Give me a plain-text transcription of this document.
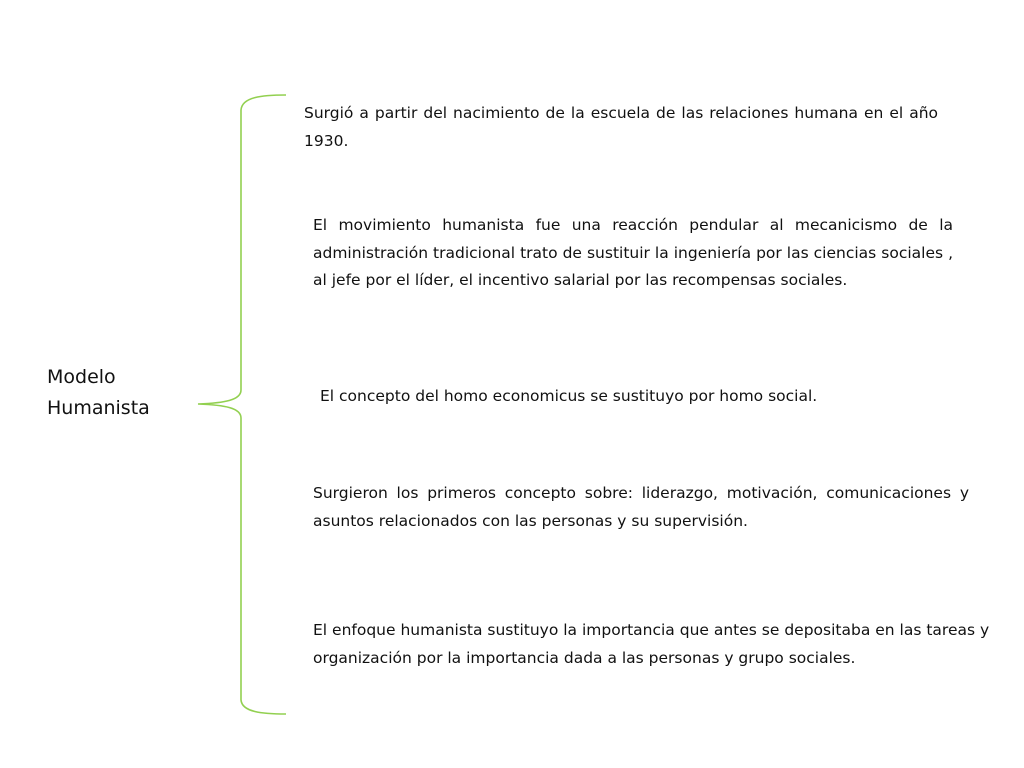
Modelo
Humanista
Surgió a partir del nacimiento de la escuela de las relaciones humana en el año 1930.
El movimiento humanista fue una reacción pendular al mecanicismo de la administración tradicional trato de sustituir la ingeniería por las ciencias sociales , al jefe por el líder, el incentivo salarial por las recompensas sociales.
El concepto del homo economicus se sustituyo por homo social.
Surgieron los primeros concepto sobre: liderazgo, motivación, comunicaciones y asuntos relacionados con las personas y su supervisión.
El enfoque humanista sustituyo la importancia que antes se depositaba en las tareas y organización por la importancia dada a las personas y grupo sociales.
